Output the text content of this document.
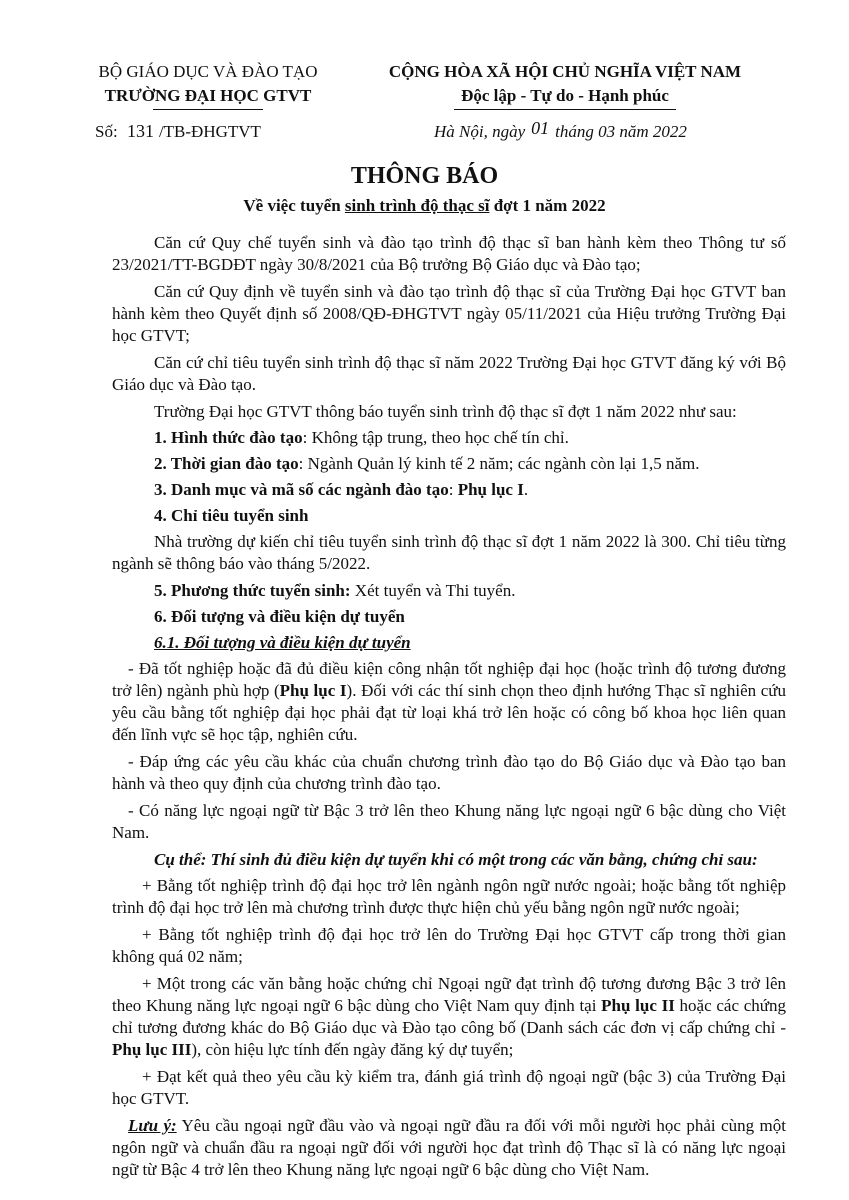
BỘ GIÁO DỤC VÀ ĐÀO TẠO
TRƯỜNG ĐẠI HỌC GTVT
CỘNG HÒA XÃ HỘI CHỦ NGHĨA VIỆT NAM
Độc lập - Tự do - Hạnh phúc
Số: 131 /TB-ĐHGTVT	Hà Nội, ngày 01 tháng 03 năm 2022
THÔNG BÁO
Về việc tuyển sinh trình độ thạc sĩ đợt 1 năm 2022

Căn cứ Quy chế tuyển sinh và đào tạo trình độ thạc sĩ ban hành kèm theo Thông tư số 23/2021/TT-BGDĐT ngày 30/8/2021 của Bộ trưởng Bộ Giáo dục và Đào tạo;

Căn cứ Quy định về tuyển sinh và đào tạo trình độ thạc sĩ của Trường Đại học GTVT ban hành kèm theo Quyết định số 2008/QĐ-ĐHGTVT ngày 05/11/2021 của Hiệu trưởng Trường Đại học GTVT;

Căn cứ chỉ tiêu tuyển sinh trình độ thạc sĩ năm 2022 Trường Đại học GTVT đăng ký với Bộ Giáo dục và Đào tạo.

Trường Đại học GTVT thông báo tuyển sinh trình độ thạc sĩ đợt 1 năm 2022 như sau:

1. Hình thức đào tạo: Không tập trung, theo học chế tín chỉ.

2. Thời gian đào tạo: Ngành Quản lý kinh tế 2 năm; các ngành còn lại 1,5 năm.

3. Danh mục và mã số các ngành đào tạo: Phụ lục I.

4. Chỉ tiêu tuyển sinh

Nhà trường dự kiến chỉ tiêu tuyển sinh trình độ thạc sĩ đợt 1 năm 2022 là 300. Chỉ tiêu từng ngành sẽ thông báo vào tháng 5/2022.

5. Phương thức tuyển sinh: Xét tuyển và Thi tuyển.

6. Đối tượng và điều kiện dự tuyển

6.1. Đối tượng và điều kiện dự tuyển

- Đã tốt nghiệp hoặc đã đủ điều kiện công nhận tốt nghiệp đại học (hoặc trình độ tương đương trở lên) ngành phù hợp (Phụ lục I). Đối với các thí sinh chọn theo định hướng Thạc sĩ nghiên cứu yêu cầu bằng tốt nghiệp đại học phải đạt từ loại khá trở lên hoặc có công bố khoa học liên quan đến lĩnh vực sẽ học tập, nghiên cứu.

- Đáp ứng các yêu cầu khác của chuẩn chương trình đào tạo do Bộ Giáo dục và Đào tạo ban hành và theo quy định của chương trình đào tạo.

- Có năng lực ngoại ngữ từ Bậc 3 trở lên theo Khung năng lực ngoại ngữ 6 bậc dùng cho Việt Nam.

Cụ thể: Thí sinh đủ điều kiện dự tuyển khi có một trong các văn bằng, chứng chỉ sau:

+ Bằng tốt nghiệp trình độ đại học trở lên ngành ngôn ngữ nước ngoài; hoặc bằng tốt nghiệp trình độ đại học trở lên mà chương trình được thực hiện chủ yếu bằng ngôn ngữ nước ngoài;

+ Bằng tốt nghiệp trình độ đại học trở lên do Trường Đại học GTVT cấp trong thời gian không quá 02 năm;

+ Một trong các văn bằng hoặc chứng chỉ Ngoại ngữ đạt trình độ tương đương Bậc 3 trở lên theo Khung năng lực ngoại ngữ 6 bậc dùng cho Việt Nam quy định tại Phụ lục II hoặc các chứng chỉ tương đương khác do Bộ Giáo dục và Đào tạo công bố (Danh sách các đơn vị cấp chứng chỉ - Phụ lục III), còn hiệu lực tính đến ngày đăng ký dự tuyển;

+ Đạt kết quả theo yêu cầu kỳ kiểm tra, đánh giá trình độ ngoại ngữ (bậc 3) của Trường Đại học GTVT.

Lưu ý: Yêu cầu ngoại ngữ đầu vào và ngoại ngữ đầu ra đối với mỗi người học phải cùng một ngôn ngữ và chuẩn đầu ra ngoại ngữ đối với người học đạt trình độ Thạc sĩ là có năng lực ngoại ngữ từ Bậc 4 trở lên theo Khung năng lực ngoại ngữ 6 bậc dùng cho Việt Nam.
